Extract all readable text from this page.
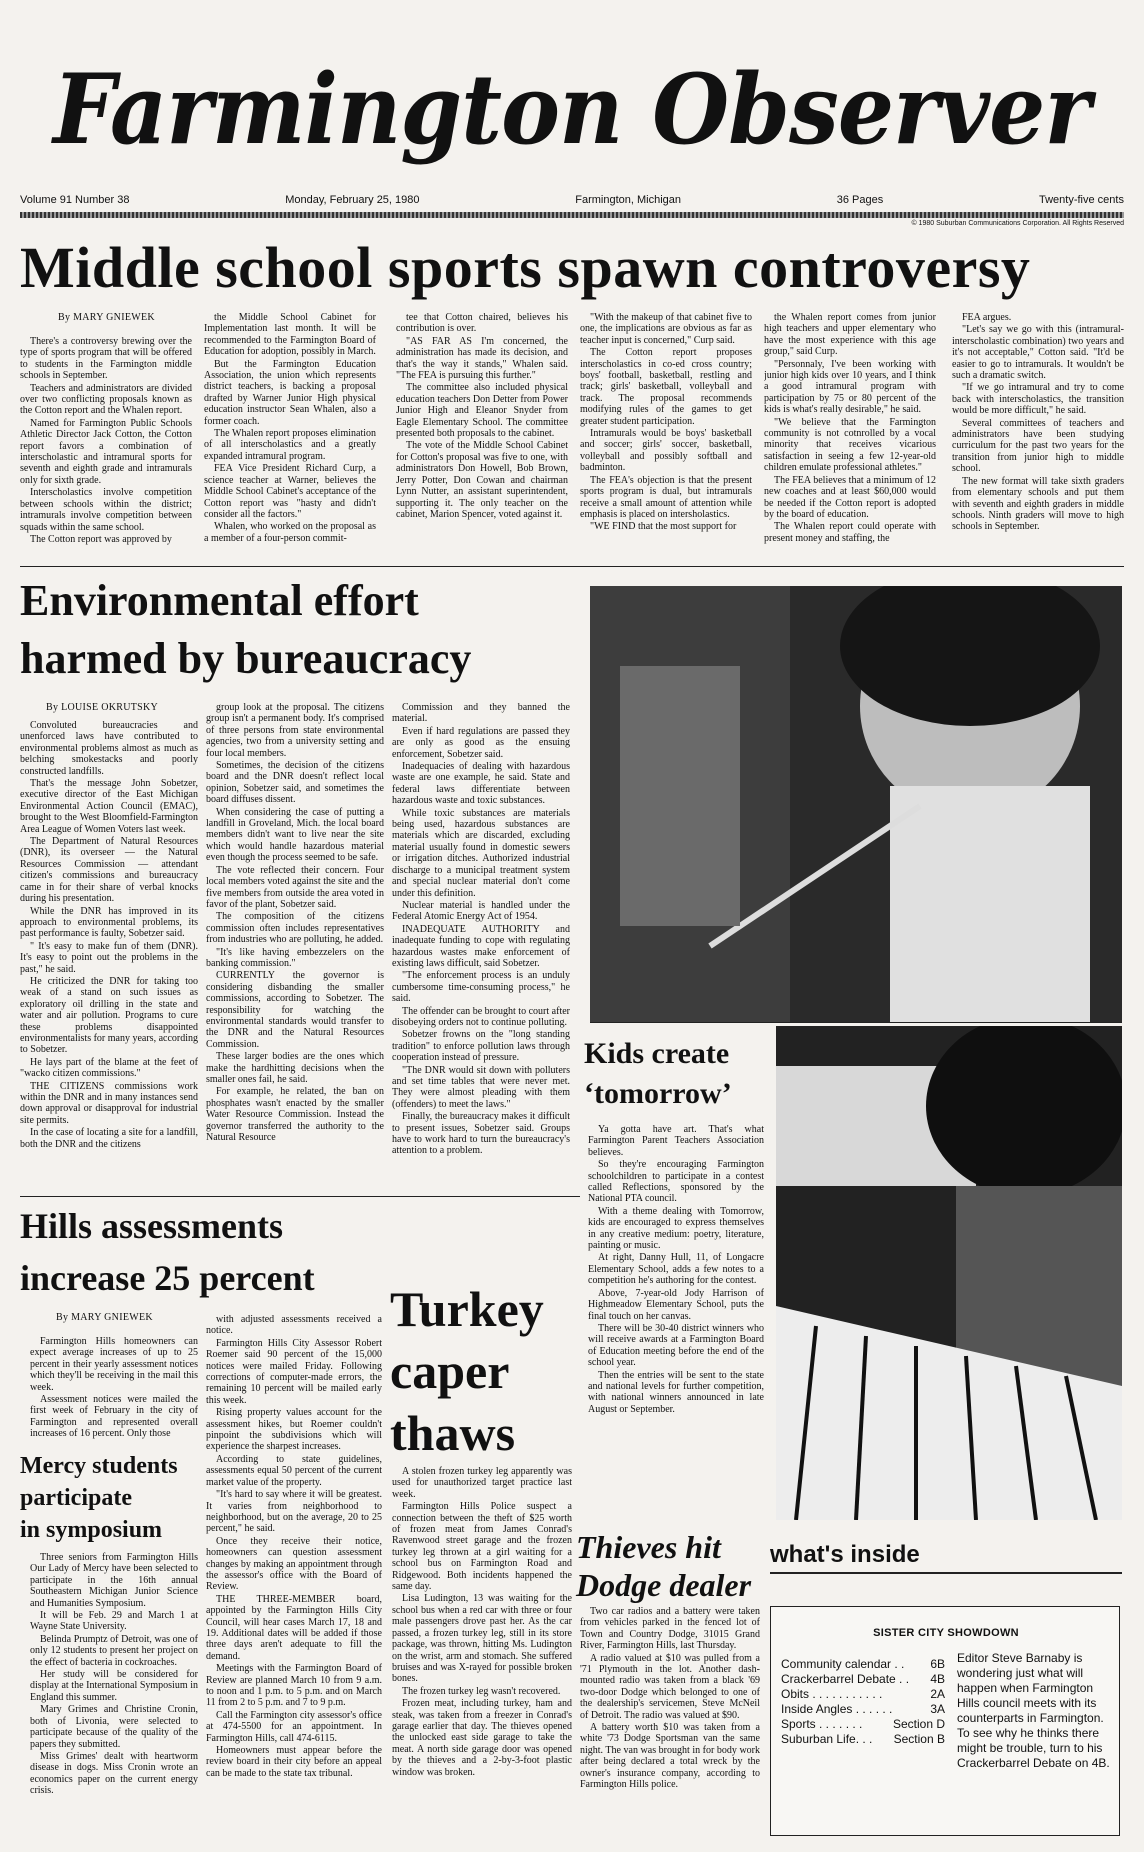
Farmington Observer
Volume 91 Number 38	Monday, February 25, 1980	Farmington, Michigan	36 Pages	Twenty-five cents
© 1980 Suburban Communications Corporation. All Rights Reserved
Middle school sports spawn controversy
By MARY GNIEWEK

There's a controversy brewing over the type of sports program that will be offered to students in the Farmington middle schools in September.

Teachers and administrators are divided over two conflicting proposals known as the Cotton report and the Whalen report.

Named for Farmington Public Schools Athletic Director Jack Cotton, the Cotton report favors a combination of interscholastic and intramural sports for seventh and eighth grade and intramurals only for sixth grade.

Interscholastics involve competition between schools within the district; intramurals involve competition between squads within the same school.

The Cotton report was approved by

the Middle School Cabinet for Implementation last month. It will be recommended to the Farmington Board of Education for adoption, possibly in March.

But the Farmington Education Association, the union which represents district teachers, is backing a proposal drafted by Warner Junior High physical education instructor Sean Whalen, also a former coach.

The Whalen report proposes elimination of all interscholastics and a greatly expanded intramural program.

FEA Vice President Richard Curp, a science teacher at Warner, believes the Middle School Cabinet's acceptance of the Cotton report was "hasty and didn't consider all the factors."

Whalen, who worked on the proposal as a member of a four-person commit-

tee that Cotton chaired, believes his contribution is over.

"AS FAR AS I'm concerned, the administration has made its decision, and that's the way it stands," Whalen said. "The FEA is pursuing this further."

The committee also included physical education teachers Don Detter from Power Junior High and Eleanor Snyder from Eagle Elementary School. The committee presented both proposals to the cabinet.

The vote of the Middle School Cabinet for Cotton's proposal was five to one, with administrators Don Howell, Bob Brown, Jerry Potter, Don Cowan and chairman Lynn Nutter, an assistant superintendent, supporting it. The only teacher on the cabinet, Marion Spencer, voted against it.

"With the makeup of that cabinet five to one, the implications are obvious as far as teacher input is concerned," Curp said.

The Cotton report proposes interscholastics in co-ed cross country; boys' football, basketball, restling and track; girls' basketball, volleyball and track. The proposal recommends modifying rules of the games to get greater student participation.

Intramurals would be boys' basketball and soccer; girls' soccer, basketball, volleyball and possibly softball and badminton.

The FEA's objection is that the present sports program is dual, but intramurals receive a small amount of attention while emphasis is placed on intersholastics.

"WE FIND that the most support for

the Whalen report comes from junior high teachers and upper elementary who have the most experience with this age group," said Curp.

"Personnaly, I've been working with junior high kids over 10 years, and I think a good intramural program with participation by 75 or 80 percent of the kids is what's really desirable," he said.

"We believe that the Farmington community is not cotnrolled by a vocal minority that receives vicarious satisfaction in seeing a few 12-year-old children emulate professional athletes."

The FEA believes that a minimum of 12 new coaches and at least $60,000 would be needed if the Cotton report is adopted by the board of education.

The Whalen report could operate with present money and staffing, the

FEA argues.

"Let's say we go with this (intramural-interscholastic combination) two years and it's not acceptable," Cotton said. "It'd be easier to go to intramurals. It wouldn't be such a dramatic switch.

"If we go intramural and try to come back with interscholastics, the transition would be more difficult," he said.

Several committees of teachers and administrators have been studying curriculum for the past two years for the transition from junior high to middle school.

The new format will take sixth graders from elementary schools and put them with seventh and eighth graders in middle schools. Ninth graders will move to high schools in September.

Environmental effort
harmed by bureaucracy
By LOUISE OKRUTSKY

Convoluted bureaucracies and unenforced laws have contributed to environmental problems almost as much as belching smokestacks and poorly constructed landfills.

That's the message John Sobetzer, executive director of the East Michigan Environmental Action Council (EMAC), brought to the West Bloomfield-Farmington Area League of Women Voters last week.

The Department of Natural Resources (DNR), its overseer — the Natural Resources Commission — attendant citizen's commissions and bureaucracy came in for their share of verbal knocks during his presentation.

While the DNR has improved in its approach to environmental problems, its past performance is faulty, Sobetzer said.

" It's easy to make fun of them (DNR). It's easy to point out the problems in the past," he said.

He criticized the DNR for taking too weak of a stand on such issues as exploratory oil drilling in the state and water and air pollution. Programs to cure these problems disappointed environmentalists for many years, according to Sobetzer.

He lays part of the blame at the feet of "wacko citizen commissions."

THE CITIZENS commissions work within the DNR and in many instances send down approval or disapproval for industrial site permits.

In the case of locating a site for a landfill, both the DNR and the citizens

group look at the proposal. The citizens group isn't a permanent body. It's comprised of three persons from state environmental agencies, two from a university setting and four local members.

Sometimes, the decision of the citizens board and the DNR doesn't reflect local opinion, Sobetzer said, and sometimes the board diffuses dissent.

When considering the case of putting a landfill in Groveland, Mich. the local board members didn't want to live near the site which would handle hazardous material even though the process seemed to be safe.

The vote reflected their concern. Four local members voted against the site and the five members from outside the area voted in favor of the plant, Sobetzer said.

The composition of the citizens commission often includes representatives from industries who are polluting, he added.

"It's like having embezzelers on the banking commission."

CURRENTLY the governor is considering disbanding the smaller commissions, according to Sobetzer. The responsibility for watching the environmental standards would transfer to the DNR and the Natural Resources Commission.

These larger bodies are the ones which make the hardhitting decisions when the smaller ones fail, he said.

For example, he related, the ban on phosphates wasn't enacted by the smaller Water Resource Commission. Instead the governor transferred the authority to the Natural Resource

Commission and they banned the material.

Even if hard regulations are passed they are only as good as the ensuing enforcement, Sobetzer said.

Inadequacies of dealing with hazardous waste are one example, he said. State and federal laws differentiate between hazardous waste and toxic substances.

While toxic substances are materials being used, hazardous substances are materials which are discarded, excluding material usually found in domestic sewers or irrigation ditches. Authorized industrial discharge to a municipal treatment system and special nuclear material don't come under this definition.

Nuclear material is handled under the Federal Atomic Energy Act of 1954.

INADEQUATE AUTHORITY and inadequate funding to cope with regulating hazardous wastes make enforcement of existing laws difficult, said Sobetzer.

"The enforcement process is an unduly cumbersome time-consuming process," he said.

The offender can be brought to court after disobeying orders not to continue polluting.

Sobetzer frowns on the "long standing tradition" to enforce pollution laws through cooperation instead of pressure.

"The DNR would sit down with polluters and set time tables that were never met. They were almost pleading with them (offenders) to meet the laws."

Finally, the bureaucracy makes it difficult to present issues, Sobetzer said. Groups have to work hard to turn the bureaucracy's attention to a problem.

Kids create
‘tomorrow’

Ya gotta have art. That's what Farmington Parent Teachers Association believes.

So they're encouraging Farmington schoolchildren to participate in a contest called Reflections, sponsored by the National PTA council.

With a theme dealing with Tomorrow, kids are encouraged to express themselves in any creative medium: poetry, literature, painting or music.

At right, Danny Hull, 11, of Longacre Elementary School, adds a few notes to a competition he's authoring for the contest.

Above, 7-year-old Jody Harrison of Highmeadow Elementary School, puts the final touch on her canvas.

There will be 30-40 district winners who will receive awards at a Farmington Board of Education meeting before the end of the school year.

Then the entries will be sent to the state and national levels for further competition, with national winners announced in late August or September.

Hills assessments
increase 25 percent
By MARY GNIEWEK

Farmington Hills homeowners can expect average increases of up to 25 percent in their yearly assessment notices which they'll be receiving in the mail this week.

Assessment notices were mailed the first week of February in the city of Farmington and represented overall increases of 16 percent. Only those

with adjusted assessments received a notice.

Farmington Hills City Assessor Robert Roemer said 90 percent of the 15,000 notices were mailed Friday. Following corrections of computer-made errors, the remaining 10 percent will be mailed early this week.

Rising property values account for the assessment hikes, but Roemer couldn't pinpoint the subdivisions which will experience the sharpest increases.

According to state guidelines, assessments equal 50 percent of the current market value of the property.

"It's hard to say where it will be greatest. It varies from neighborhood to neighborhood, but on the average, 20 to 25 percent," he said.

Once they receive their notice, homeowners can question assessment changes by making an appointment through the assessor's office with the Board of Review.

THE THREE-MEMBER board, appointed by the Farmington Hills City Council, will hear cases March 17, 18 and 19. Additional dates will be added if those three days aren't adequate to fill the demand.

Meetings with the Farmington Board of Review are planned March 10 from 9 a.m. to noon and 1 p.m. to 5 p.m. and on March 11 from 2 to 5 p.m. and 7 to 9 p.m.

Call the Farmington city assessor's office at 474-5500 for an appointment. In Farmington Hills, call 474-6115.

Homeowners must appear before the review board in their city before an appeal can be made to the state tax tribunal.

Mercy students
participate
in symposium

Three seniors from Farmington Hills Our Lady of Mercy have been selected to participate in the 16th annual Southeastern Michigan Junior Science and Humanities Symposium.

It will be Feb. 29 and March 1 at Wayne State University.

Belinda Prumptz of Detroit, was one of only 12 students to present her project on the effect of bacteria in cockroaches.

Her study will be considered for display at the International Symposium in England this summer.

Mary Grimes and Christine Cronin, both of Livonia, were selected to participate because of the quality of the papers they submitted.

Miss Grimes' dealt with heartworm disease in dogs. Miss Cronin wrote an economics paper on the current energy crisis.

Turkey
caper
thaws

A stolen frozen turkey leg apparently was used for unauthorized target practice last week.

Farmington Hills Police suspect a connection between the theft of $25 worth of frozen meat from James Conrad's Ravenwood street garage and the frozen turkey leg thrown at a girl waiting for a school bus on Farmington Road and Ridgewood. Both incidents happened the same day.

Lisa Ludington, 13 was waiting for the school bus when a red car with three or four male passengers drove past her. As the car passed, a frozen turkey leg, still in its store package, was thrown, hitting Ms. Ludington on the wrist, arm and stomach. She suffered bruises and was X-rayed for possible broken bones.

The frozen turkey leg wasn't recovered.

Frozen meat, including turkey, ham and steak, was taken from a freezer in Conrad's garage earlier that day. The thieves opened the unlocked east side garage to take the meat. A north side garage door was opened by the thieves and a 2-by-3-foot plastic window was broken.

Thieves hit
Dodge dealer

Two car radios and a battery were taken from vehicles parked in the fenced lot of Town and Country Dodge, 31015 Grand River, Farmington Hills, last Thursday.

A radio valued at $10 was pulled from a '71 Plymouth in the lot. Another dash-mounted radio was taken from a black '69 two-door Dodge which belonged to one of the dealership's servicemen, Steve McNeil of Detroit. The radio was valued at $90.

A battery worth $10 was taken from a white '73 Dodge Sportsman van the same night. The van was brought in for body work after being declared a total wreck by the owner's insurance company, according to Farmington Hills police.

what's inside
SISTER CITY SHOWDOWN
Community calendar . . 6B
Crackerbarrel Debate . . 4B
Obits . . . . . . . . . . .	2A
Inside Angles . . . . . .	3A
Sports . . . . . . .	Section D
Suburban Life. . . Section B
Editor Steve Barnaby is wondering just what will happen when Farmington Hills council meets with its counterparts in Farmington. To see why he thinks there might be trouble, turn to his Crackerbarrel Debate on 4B.
